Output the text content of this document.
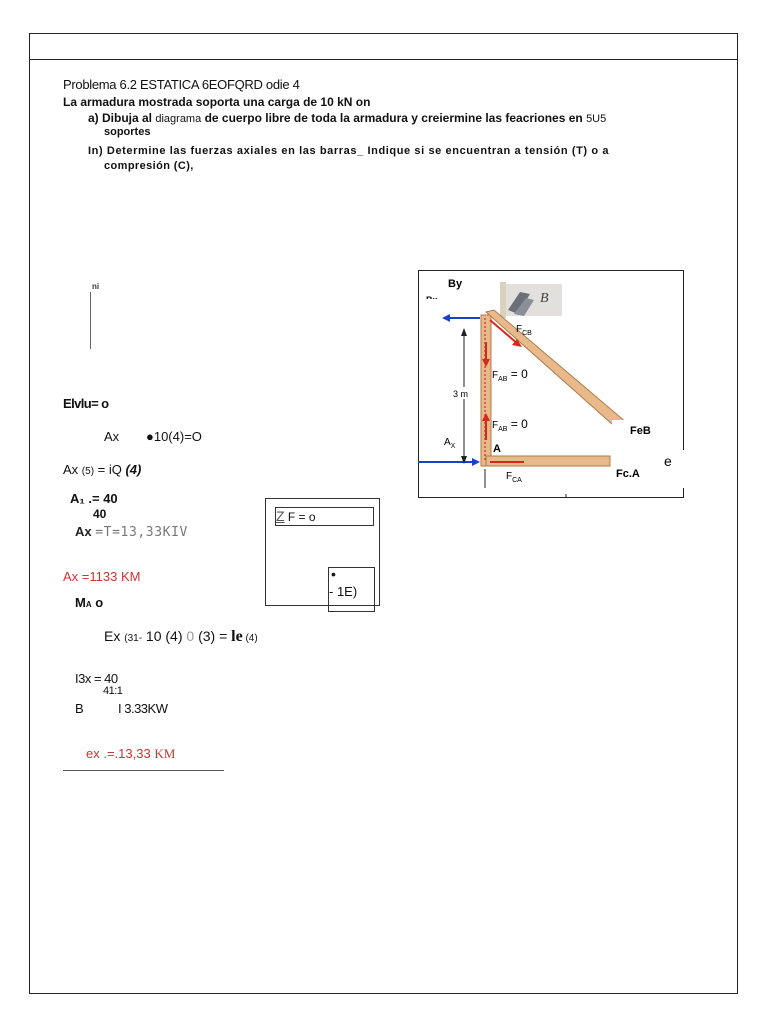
Problema 6.2 ESTATICA 6EOFQRD odie 4
La armadura mostrada soporta una carga de 10 kN on
a) Dibuja al diagrama de cuerpo libre de toda la armadura y creiermine las feacriones en 5U5
soportes
In) Determine las fuerzas axiales en las barras_ Indique si se encuentran a tensión (T) o a
compresión (C),
ni
Elvlu= o
Ax ●10(4)=O
Ax (5) = iQ (4)
A₁ .= 40
40
Ax =T=13,33KIV
Ax =1133 KM
MA o
Ex (31- 10 (4) 0 (3) = le (4)
I3x = 40
41:1
B	I 3.33KW
ex .=.13,33 KM
Z F = o
•
- 1E)
B
By
3 m
$F_{CB}$
$F_{AB} = 0$
$F_{AB} = 0$
$A_X$	A
$F_{CA}$
FeB
Fc.A
e
